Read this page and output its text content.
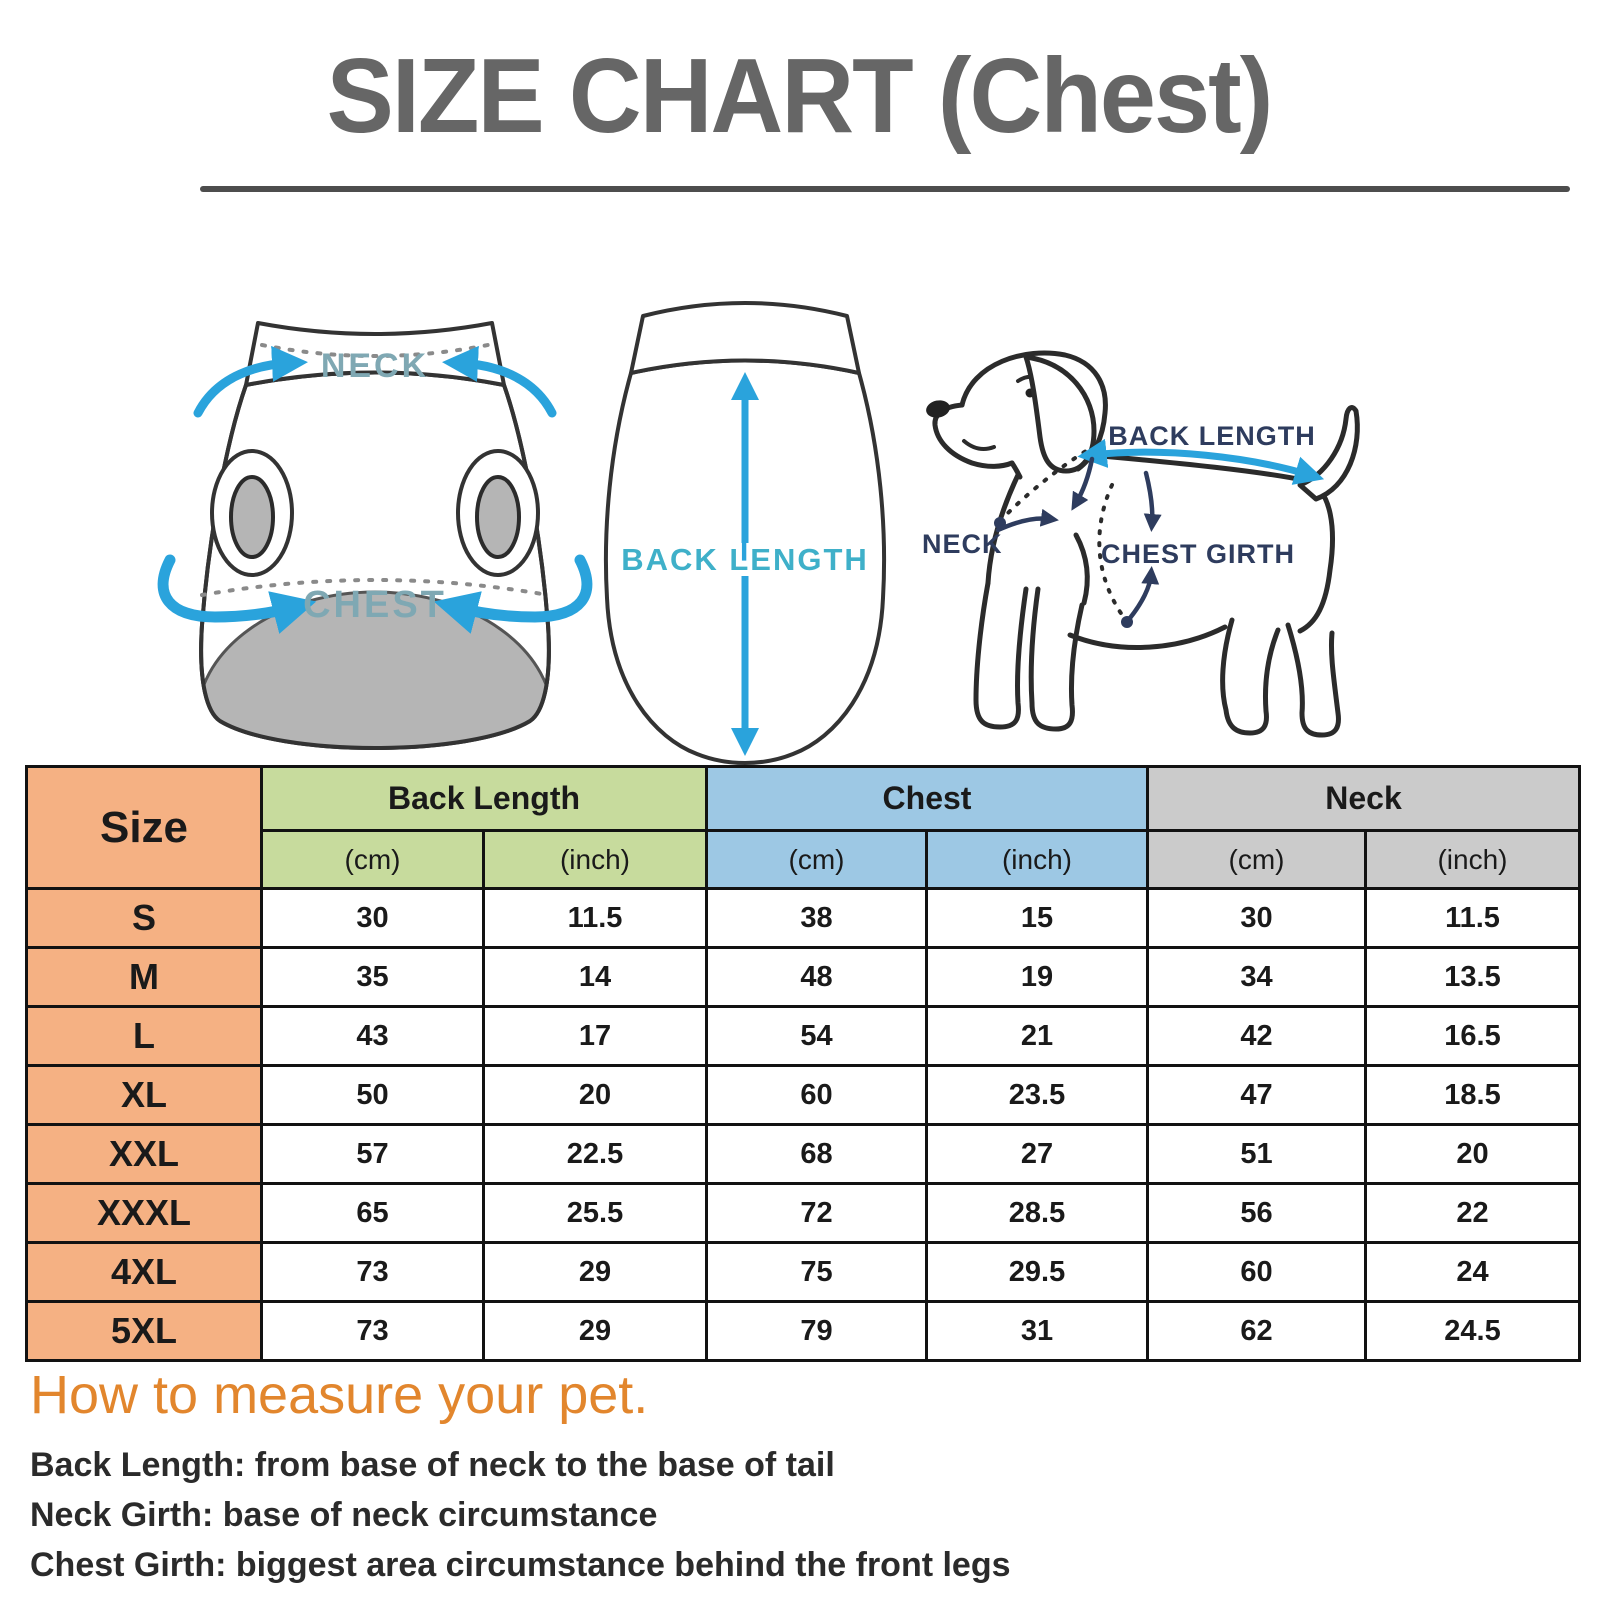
SIZE CHART (Chest)
NECK
CHEST
BACK LENGTH
BACK LENGTH
NECK	CHEST GIRTH
Size	Back Length		Chest		Neck	
	(cm)	(inch)	(cm)	(inch)	(cm)	(inch)
S	30	11.5	38	15	30	11.5
M	35	14	48	19	34	13.5
L	43	17	54	21	42	16.5
XL	50	20	60	23.5	47	18.5
XXL	57	22.5	68	27	51	20
XXXL	65	25.5	72	28.5	56	22
4XL	73	29	75	29.5	60	24
5XL	73	29	79	31	62	24.5
How to measure your pet.
Back Length: from base of neck to the base of tail
Neck Girth: base of neck circumstance
Chest Girth: biggest area circumstance behind the front legs
